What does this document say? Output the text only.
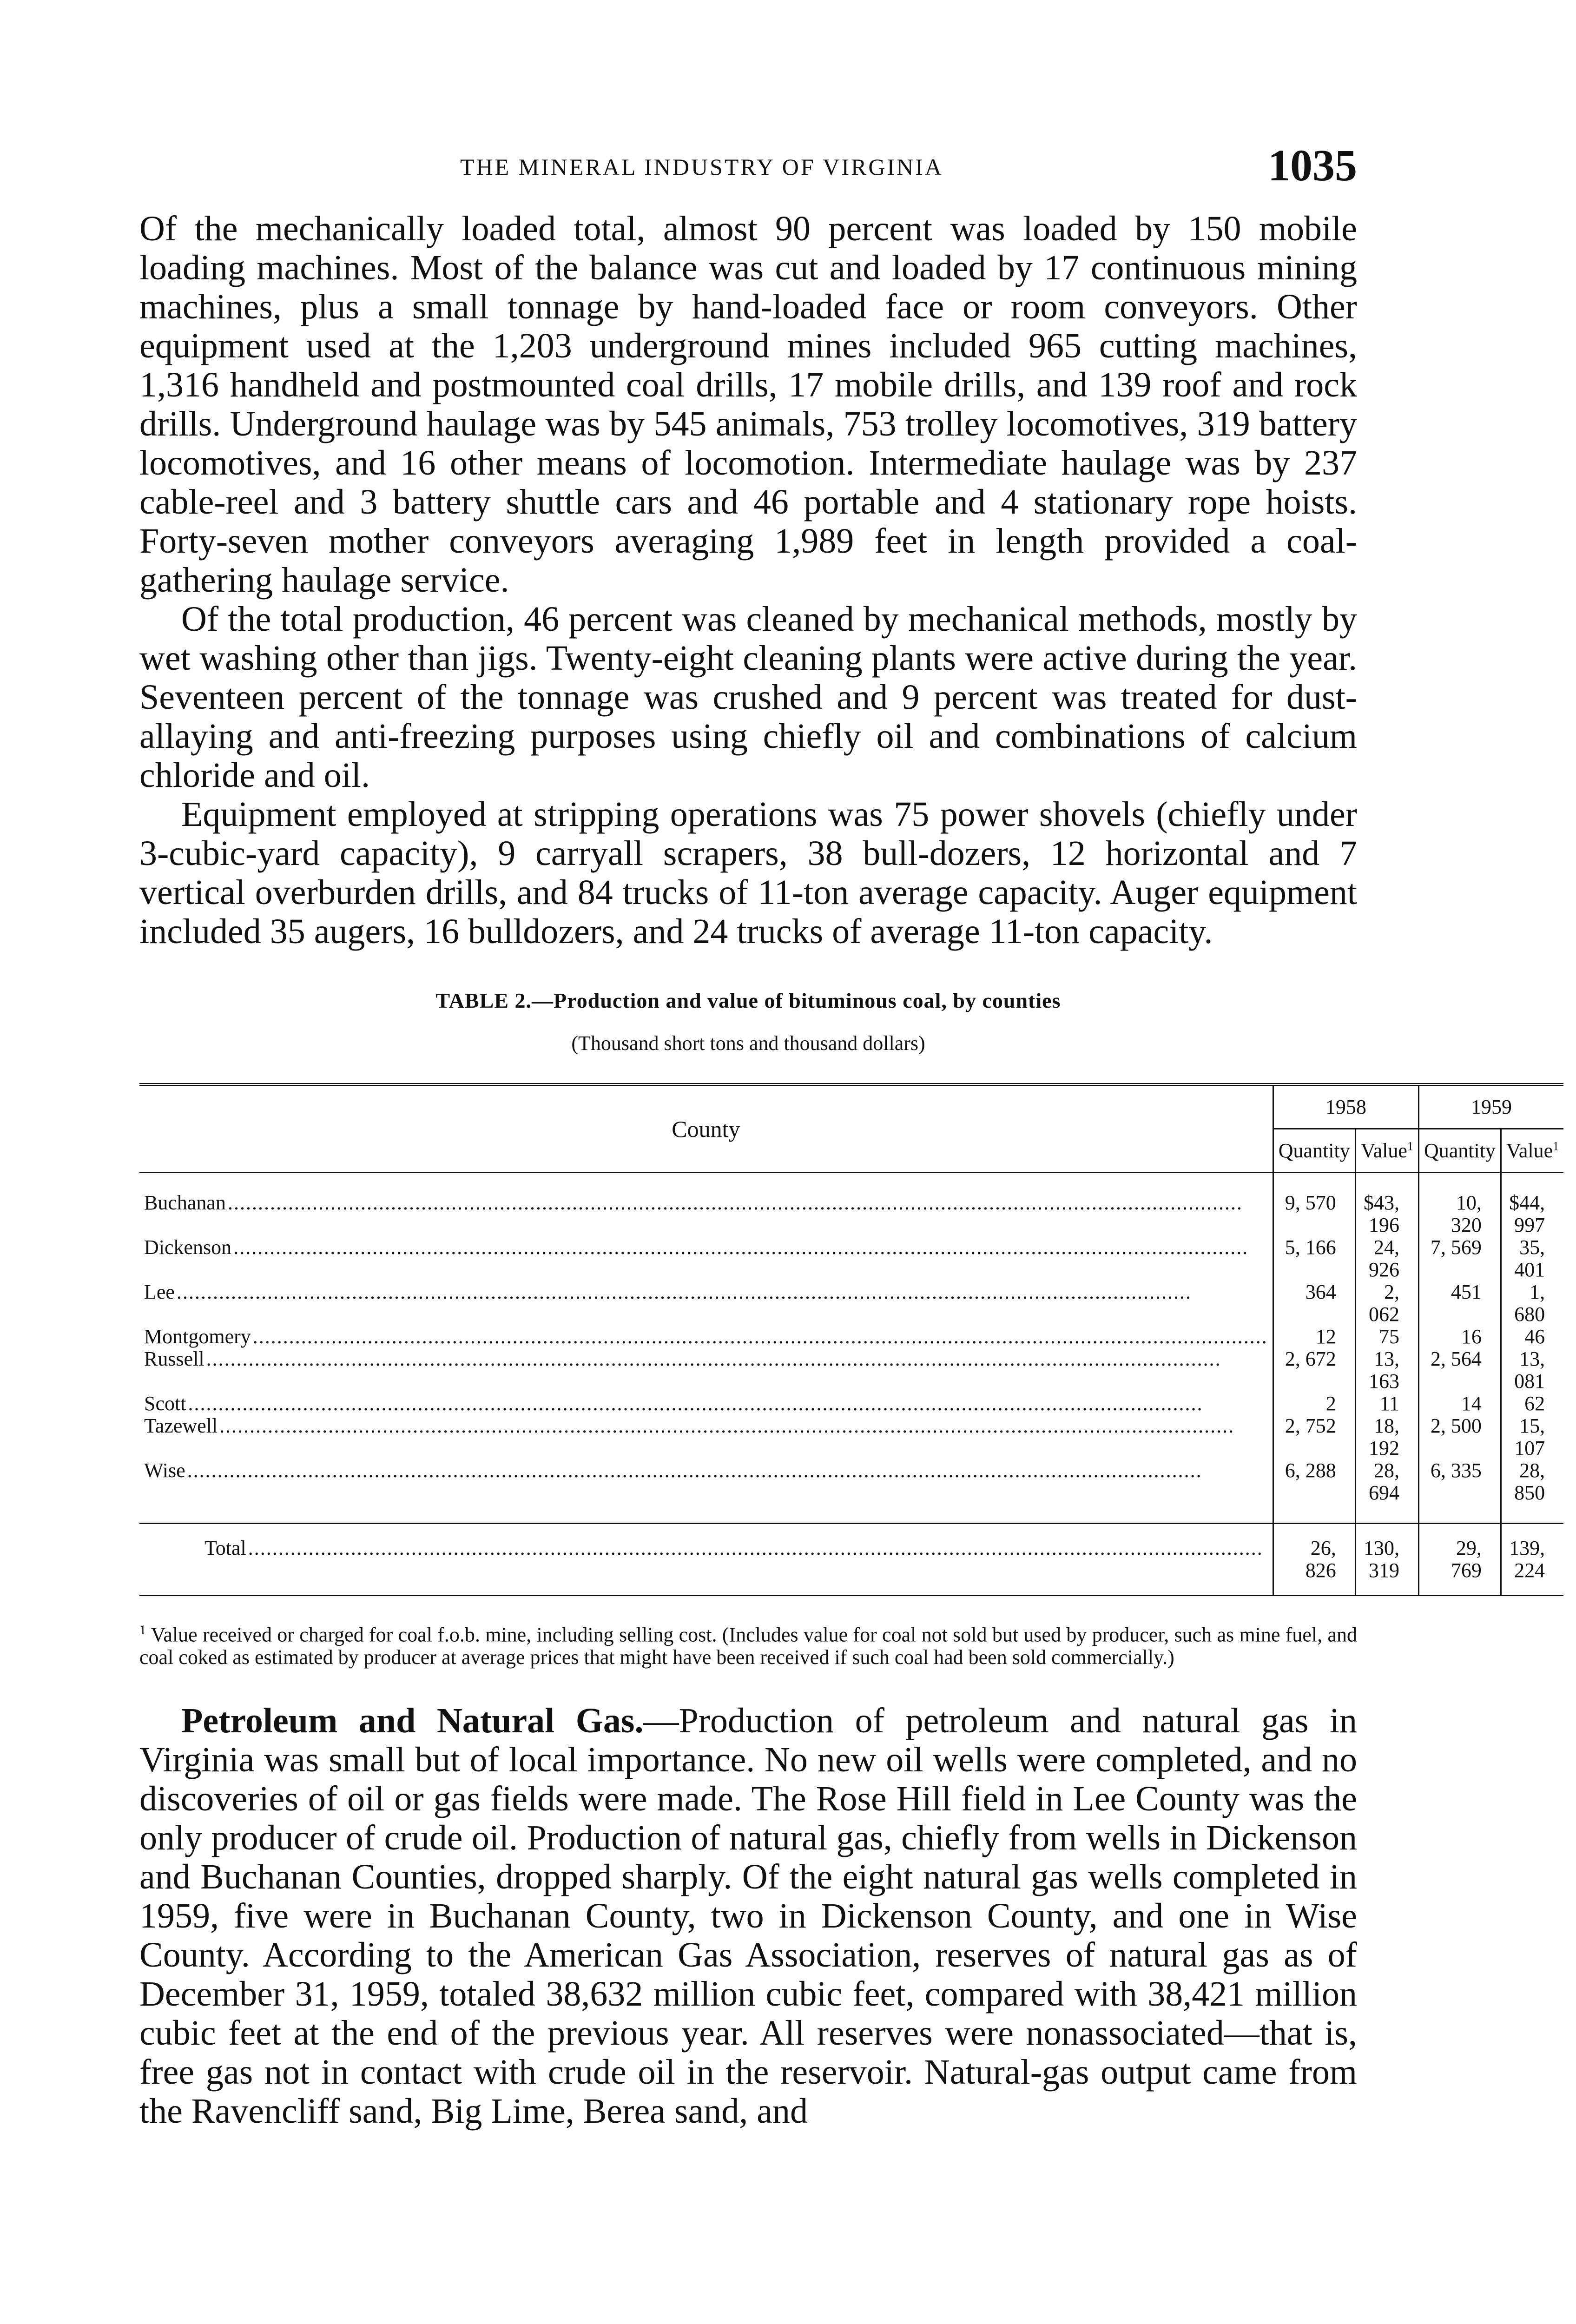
THE MINERAL INDUSTRY OF VIRGINIA	1035

Of the mechanically loaded total, almost 90 percent was loaded by 150 mobile loading machines. Most of the balance was cut and loaded by 17 continuous mining machines, plus a small tonnage by hand-loaded face or room conveyors. Other equipment used at the 1,203 underground mines included 965 cutting machines, 1,316 handheld and postmounted coal drills, 17 mobile drills, and 139 roof and rock drills. Underground haulage was by 545 animals, 753 trolley locomotives, 319 battery locomotives, and 16 other means of locomotion. Intermediate haulage was by 237 cable-reel and 3 battery shuttle cars and 46 portable and 4 stationary rope hoists. Forty-seven mother conveyors averaging 1,989 feet in length provided a coal-gathering haulage service.

Of the total production, 46 percent was cleaned by mechanical methods, mostly by wet washing other than jigs. Twenty-eight cleaning plants were active during the year. Seventeen percent of the tonnage was crushed and 9 percent was treated for dust-allaying and anti-freezing purposes using chiefly oil and combinations of calcium chloride and oil.

Equipment employed at stripping operations was 75 power shovels (chiefly under 3-cubic-yard capacity), 9 carryall scrapers, 38 bull-dozers, 12 horizontal and 7 vertical overburden drills, and 84 trucks of 11-ton average capacity. Auger equipment included 35 augers, 16 bulldozers, and 24 trucks of average 11-ton capacity.

TABLE 2.—Production and value of bituminous coal, by counties
(Thousand short tons and thousand dollars)
County	1958		1959	
	Quantity	Value$^1$	Quantity	Value$^1$

Buchanan
.....	9, 570	$43, 196	10, 320	$44, 997

Dickenson
.....	5, 166	24, 926	7, 569	35, 401

Lee
.....	364	2, 062	451	1, 680

Montgomery
.....	12	75	16	46

Russell
.....	2, 672	13, 163	2, 564	13, 081

Scott
.....	2	11	14	62

Tazewell
.....	2, 752	18, 192	2, 500	15, 107

Wise
.....	6, 288	28, 694	6, 335	28, 850

Total
.....	26, 826	130, 319	29, 769	139, 224
$^1$ Value received or charged for coal f.o.b. mine, including selling cost. (Includes value for coal not sold but used by producer, such as mine fuel, and coal coked as estimated by producer at average prices that might have been received if such coal had been sold commercially.)

Petroleum and Natural Gas.—Production of petroleum and natural gas in Virginia was small but of local importance. No new oil wells were completed, and no discoveries of oil or gas fields were made. The Rose Hill field in Lee County was the only producer of crude oil. Production of natural gas, chiefly from wells in Dickenson and Buchanan Counties, dropped sharply. Of the eight natural gas wells completed in 1959, five were in Buchanan County, two in Dickenson County, and one in Wise County. According to the American Gas Association, reserves of natural gas as of December 31, 1959, totaled 38,632 million cubic feet, compared with 38,421 million cubic feet at the end of the previous year. All reserves were nonassociated—that is, free gas not in contact with crude oil in the reservoir. Natural-gas output came from the Ravencliff sand, Big Lime, Berea sand, and
